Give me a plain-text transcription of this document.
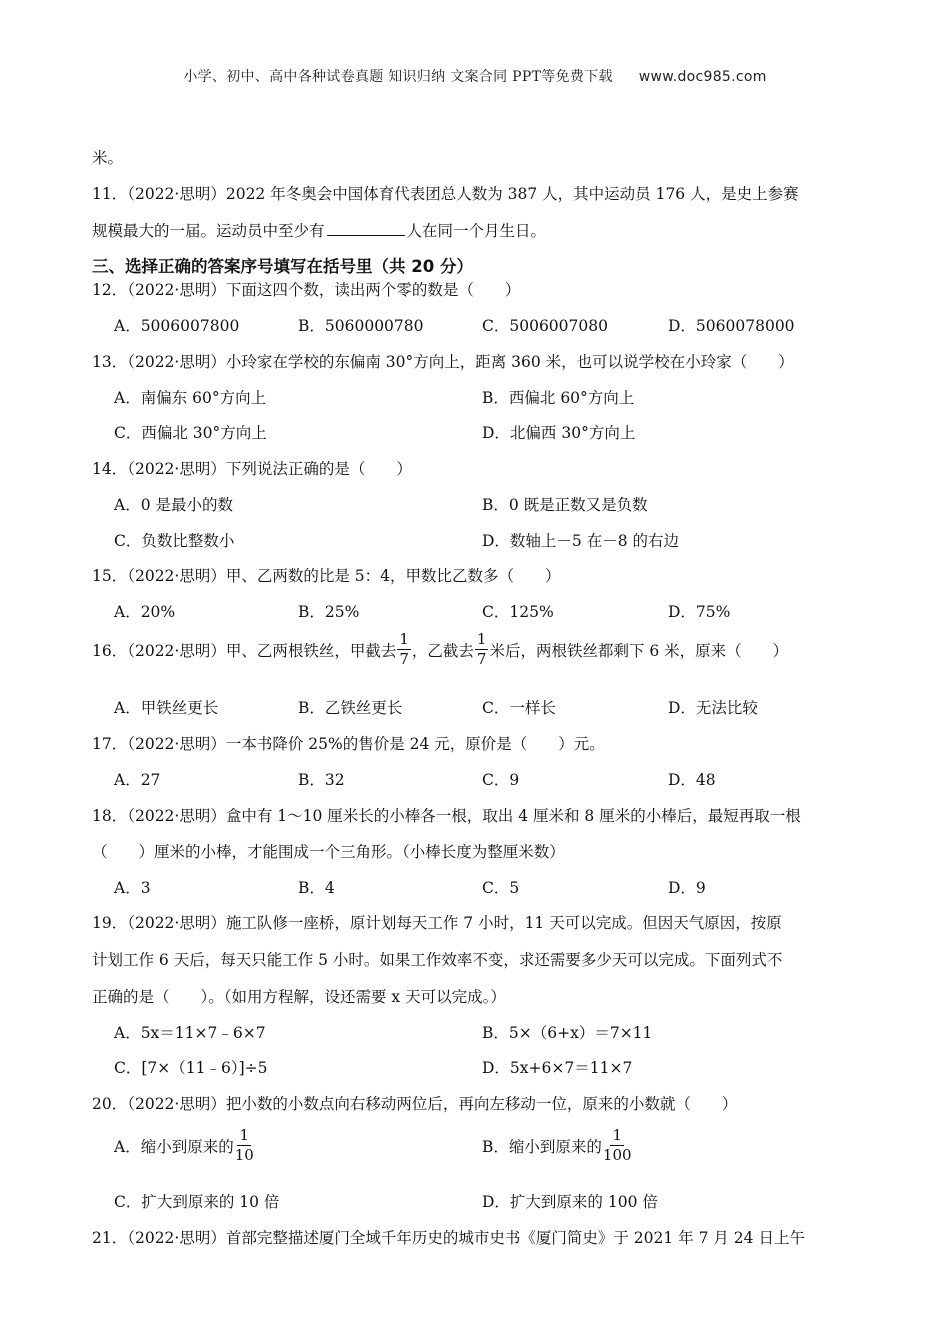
小学、初中、高中各种试卷真题 知识归纳 文案合同 PPT等免费下载 www.doc985.com
米。
11．（2022·思明）2022 年冬奥会中国体育代表团总人数为 387 人，其中运动员 176 人，是史上参赛
规模最大的一届。运动员中至少有	人在同一个月生日。
三、选择正确的答案序号填写在括号里（共 20 分）
12．（2022·思明）下面这四个数，读出两个零的数是（　　）
A．5006007800	B．5060000780	C．5006007080	D．5060078000
13．（2022·思明）小玲家在学校的东偏南 30°方向上，距离 360 米，也可以说学校在小玲家（　　）
A．南偏东 60°方向上	B．西偏北 60°方向上
C．西偏北 30°方向上	D．北偏西 30°方向上
14．（2022·思明）下列说法正确的是（　　）
A．0 是最小的数	B．0 既是正数又是负数
C．负数比整数小	D．数轴上－5 在－8 的右边
15．（2022·思明）甲、乙两数的比是 5：4，甲数比乙数多（　　）
A．20%	B．25%	C．125%	D．75%
16．（2022·思明）甲、乙两根铁丝，甲截去 $\frac{1}{7}$ ，乙截去 $\frac{1}{7}$ 米后，两根铁丝都剩下 6 米，原来（　　）
A．甲铁丝更长	B．乙铁丝更长	C．一样长	D．无法比较
17．（2022·思明）一本书降价 25%的售价是 24 元，原价是（　　）元。
A．27	B．32	C．9	D．48
18．（2022·思明）盒中有 1～10 厘米长的小棒各一根，取出 4 厘米和 8 厘米的小棒后，最短再取一根
（　　）厘米的小棒，才能围成一个三角形。（小棒长度为整厘米数）
A．3	B．4	C．5	D．9
19．（2022·思明）施工队修一座桥，原计划每天工作 7 小时，11 天可以完成。但因天气原因，按原
计划工作 6 天后，每天只能工作 5 小时。如果工作效率不变，求还需要多少天可以完成。下面列式不
正确的是（　　）。（如用方程解，设还需要 x 天可以完成。）
A．5x＝11×7﹣6×7	B．5×（6+x）＝7×11
C．[7×（11﹣6）]÷5	D．5x+6×7＝11×7
20．（2022·思明）把小数的小数点向右移动两位后，再向左移动一位，原来的小数就（　　）
A．缩小到原来的 $\frac{1}{10}$	B．缩小到原来的 $\frac{1}{100}$
C．扩大到原来的 10 倍	D．扩大到原来的 100 倍
21．（2022·思明）首部完整描述厦门全域千年历史的城市史书《厦门简史》于 2021 年 7 月 24 日上午
